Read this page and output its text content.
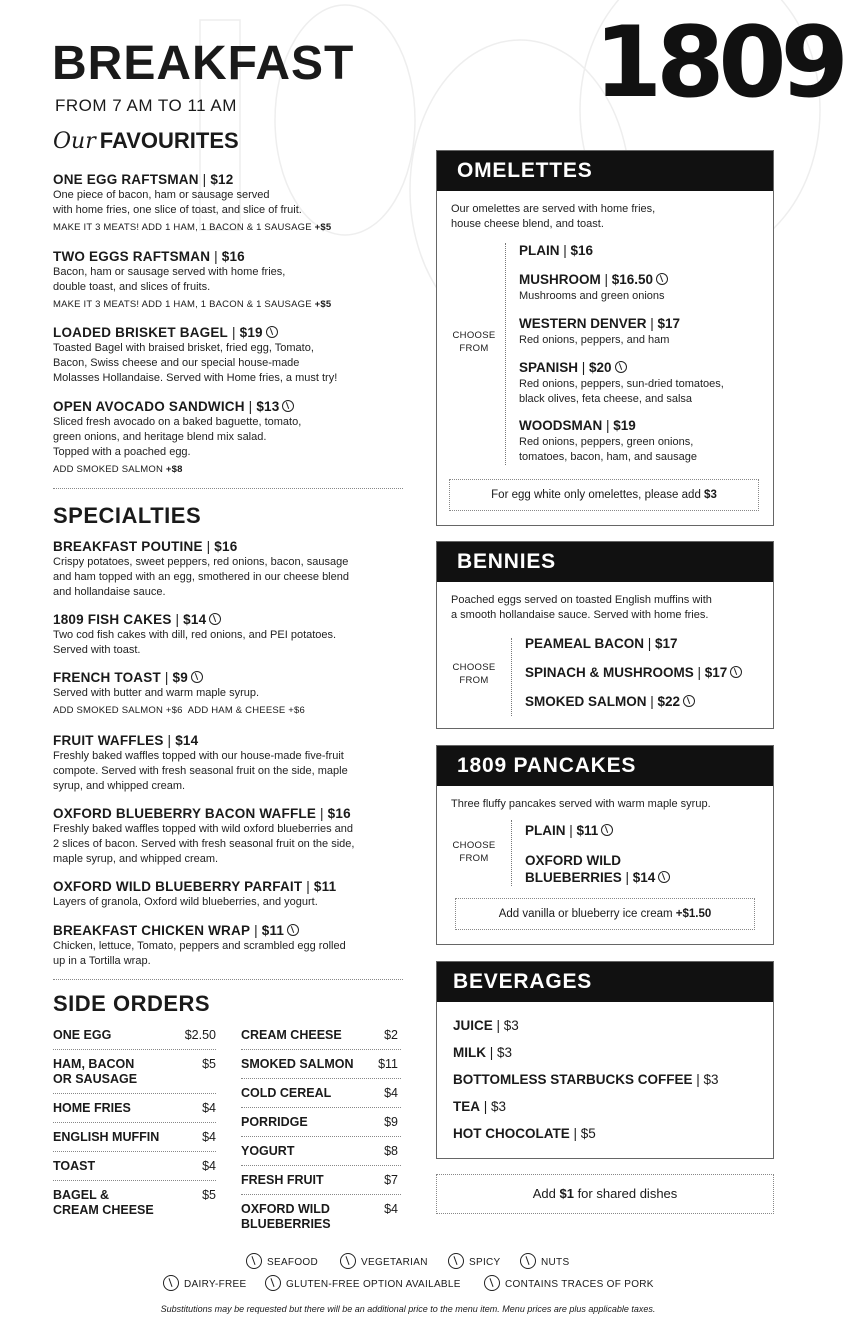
1809
BREAKFAST
FROM 7 AM TO 11 AM
Our FAVOURITES
ONE EGG RAFTSMAN | $12
One piece of bacon, ham or sausage served
with home fries, one slice of toast, and slice of fruit.
MAKE IT 3 MEATS! ADD 1 HAM, 1 BACON & 1 SAUSAGE +$5
TWO EGGS RAFTSMAN | $16
Bacon, ham or sausage served with home fries,
double toast, and slices of fruits.
MAKE IT 3 MEATS! ADD 1 HAM, 1 BACON & 1 SAUSAGE +$5
LOADED BRISKET BAGEL | $19
Toasted Bagel with braised brisket, fried egg, Tomato,
Bacon, Swiss cheese and our special house-made
Molasses Hollandaise. Served with Home fries, a must try!
OPEN AVOCADO SANDWICH | $13
Sliced fresh avocado on a baked baguette, tomato,
green onions, and heritage blend mix salad.
Topped with a poached egg.
ADD SMOKED SALMON +$8
SPECIALTIES
BREAKFAST POUTINE | $16
Crispy potatoes, sweet peppers, red onions, bacon, sausage
and ham topped with an egg, smothered in our cheese blend
and hollandaise sauce.
1809 FISH CAKES | $14
Two cod fish cakes with dill, red onions, and PEI potatoes.
Served with toast.
FRENCH TOAST | $9
Served with butter and warm maple syrup.
ADD SMOKED SALMON +$6  ADD HAM & CHEESE +$6
FRUIT WAFFLES | $14
Freshly baked waffles topped with our house-made five-fruit
compote. Served with fresh seasonal fruit on the side, maple
syrup, and whipped cream.
OXFORD BLUEBERRY BACON WAFFLE | $16
Freshly baked waffles topped with wild oxford blueberries and
2 slices of bacon. Served with fresh seasonal fruit on the side,
maple syrup, and whipped cream.
OXFORD WILD BLUEBERRY PARFAIT | $11
Layers of granola, Oxford wild blueberries, and yogurt.
BREAKFAST CHICKEN WRAP | $11
Chicken, lettuce, Tomato, peppers and scrambled egg rolled
up in a Tortilla wrap.
SIDE ORDERS
ONE EGG	$2.50
HAM, BACON
OR SAUSAGE
$5
HOME FRIES	$4
ENGLISH MUFFIN	$4
TOAST	$4
BAGEL &
CREAM CHEESE
$5
CREAM CHEESE	$2
SMOKED SALMON	$11
COLD CEREAL	$4
PORRIDGE	$9
YOGURT	$8
FRESH FRUIT	$7
OXFORD WILD
BLUEBERRIES
$4
OMELETTES
Our omelettes are served with home fries,
house cheese blend, and toast.
CHOOSE
FROM
For egg white only omelettes, please add $3
PLAIN | $16
MUSHROOM | $16.50
Mushrooms and green onions
WESTERN DENVER | $17
Red onions, peppers, and ham
SPANISH | $20
Red onions, peppers, sun-dried tomatoes,
black olives, feta cheese, and salsa
WOODSMAN | $19
Red onions, peppers, green onions,
tomatoes, bacon, ham, and sausage
BENNIES
Poached eggs served on toasted English muffins with
a smooth hollandaise sauce. Served with home fries.
CHOOSE
FROM
PEAMEAL BACON | $17
SPINACH & MUSHROOMS | $17
SMOKED SALMON | $22
1809 PANCAKES
Three fluffy pancakes served with warm maple syrup.
CHOOSE
FROM
Add vanilla or blueberry ice cream +$1.50
PLAIN | $11
OXFORD WILD
BLUEBERRIES | $14
BEVERAGES
JUICE | $3
MILK | $3
BOTTOMLESS STARBUCKS COFFEE | $3
TEA | $3
HOT CHOCOLATE | $5
Add $1 for shared dishes
SEAFOOD	VEGETARIAN	SPICY	NUTS
DAIRY-FREE	GLUTEN-FREE OPTION AVAILABLE	CONTAINS TRACES OF PORK
Substitutions may be requested but there will be an additional price to the menu item. Menu prices are plus applicable taxes.
